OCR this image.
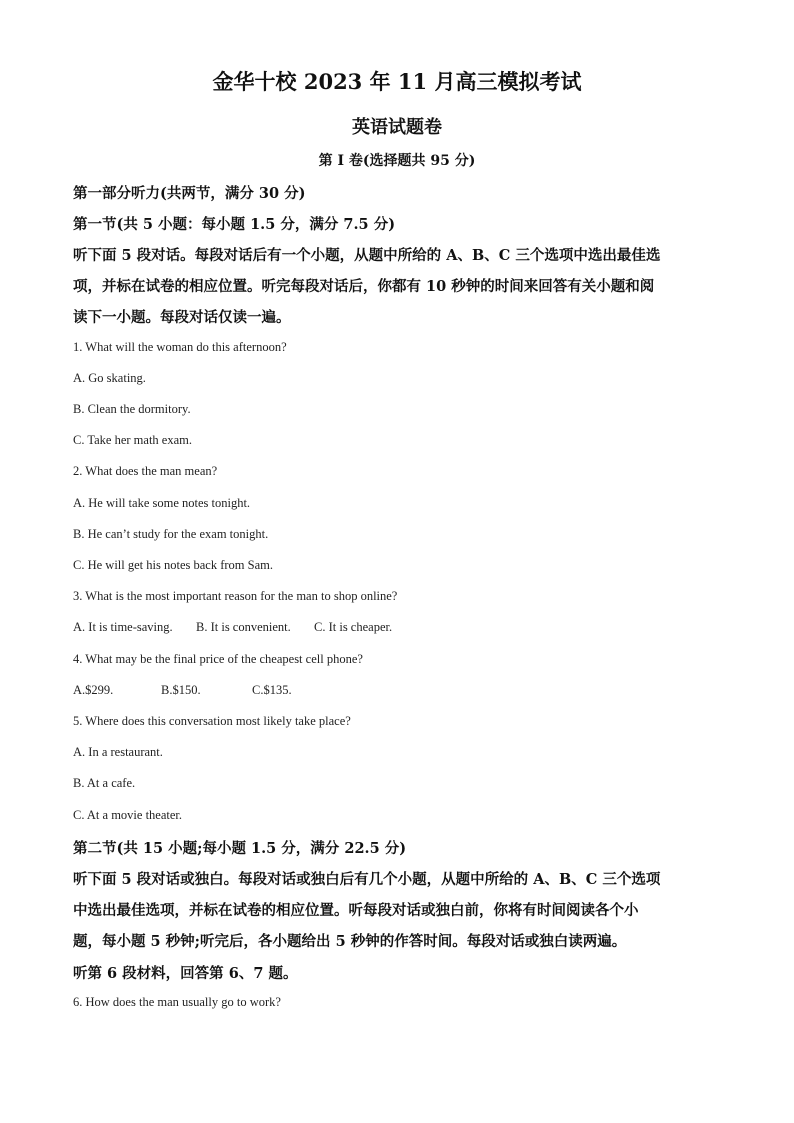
金华十校 2023 年 11 月高三模拟考试
英语试题卷
第 I 卷(选择题共 95 分)
第一部分听力(共两节，满分 30 分)
第一节(共 5 小题：每小题 1.5 分，满分 7.5 分)
听下面 5 段对话。每段对话后有一个小题，从题中所给的 A、B、C 三个选项中选出最佳选
项，并标在试卷的相应位置。听完每段对话后，你都有 10 秒钟的时间来回答有关小题和阅
读下一小题。每段对话仅读一遍。
1. What will the woman do this afternoon?
A. Go skating.
B. Clean the dormitory.
C. Take her math exam.
2. What does the man mean?
A. He will take some notes tonight.
B. He can’t study for the exam tonight.
C. He will get his notes back from Sam.
3. What is the most important reason for the man to shop online?
A. It is time-saving.	B. It is convenient.	C. It is cheaper.
4. What may be the final price of the cheapest cell phone?
A.$299.	B.$150.	C.$135.
5. Where does this conversation most likely take place?
A. In a restaurant.
B. At a cafe.
C. At a movie theater.
第二节(共 15 小题;每小题 1.5 分，满分 22.5 分)
听下面 5 段对话或独白。每段对话或独白后有几个小题，从题中所给的 A、B、C 三个选项
中选出最佳选项，并标在试卷的相应位置。听每段对话或独白前，你将有时间阅读各个小
题，每小题 5 秒钟;听完后，各小题给出 5 秒钟的作答时间。每段对话或独白读两遍。
听第 6 段材料，回答第 6、7 题。
6. How does the man usually go to work?
